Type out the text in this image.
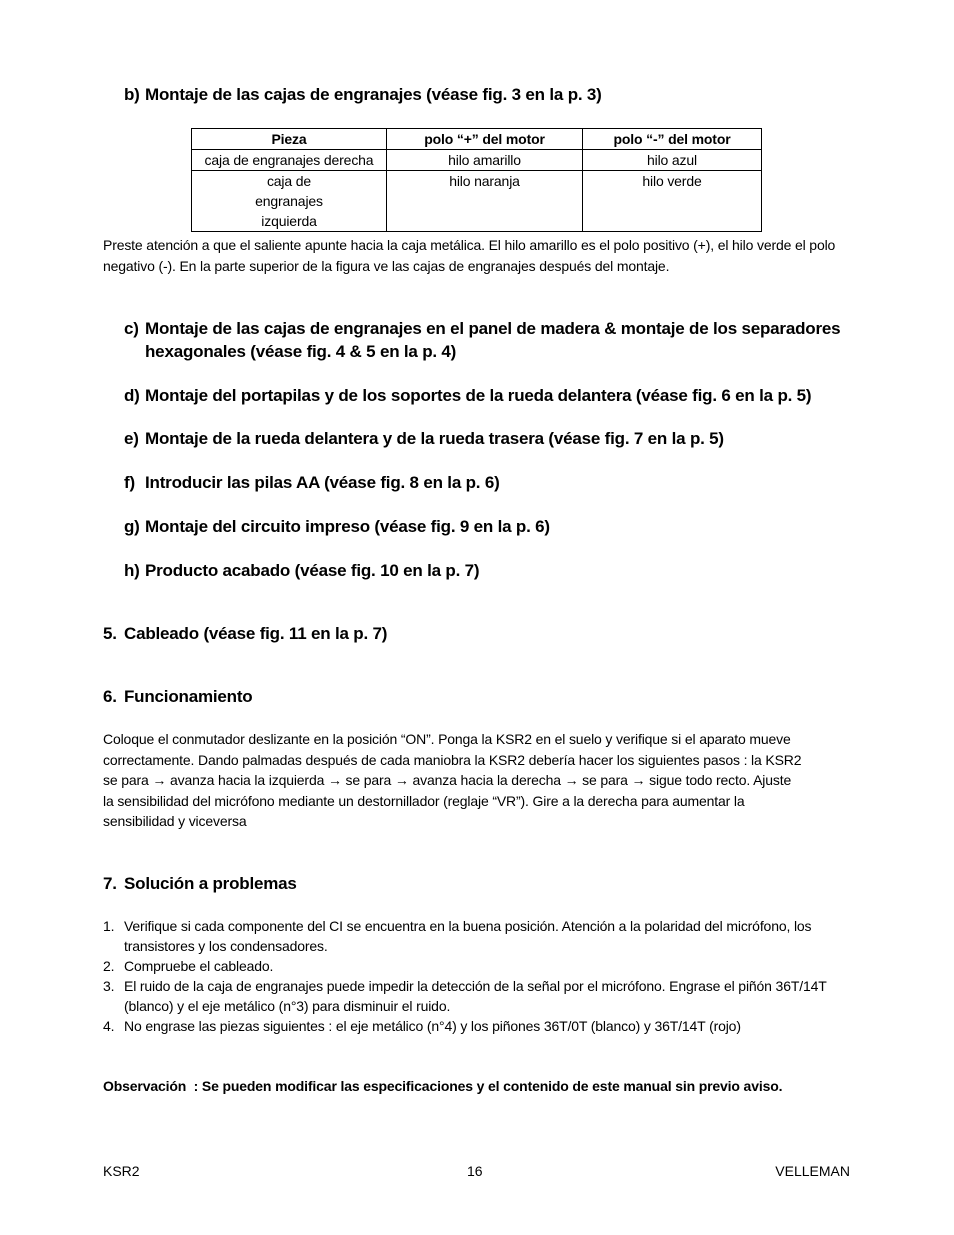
b) Montaje de las cajas de engranajes (véase fig. 3 en la p. 3)
Pieza	polo “+” del motor	polo “-” del motor
caja de engranajes derecha	hilo amarillo	hilo azul
caja de engranajes izquierda	hilo naranja	hilo verde
Preste atención a que el saliente apunte hacia la caja metálica. El hilo amarillo es el polo positivo (+), el hilo verde el polo negativo (-). En la parte superior de la figura ve las cajas de engranajes después del montaje.
c) Montaje de las cajas de engranajes en el panel de madera & montaje de los separadores
hexagonales (véase fig. 4 & 5 en la p. 4)
d) Montaje del portapilas y de los soportes de la rueda delantera (véase fig. 6 en la p. 5)
e) Montaje de la rueda delantera y de la rueda trasera (véase fig. 7 en la p. 5)
f) Introducir las pilas AA (véase fig. 8 en la p. 6)
g) Montaje del circuito impreso (véase fig. 9 en la p. 6)
h) Producto acabado (véase fig. 10 en la p. 7)
5. Cableado (véase fig. 11 en la p. 7)
6. Funcionamiento
Coloque el conmutador deslizante en la posición “ON”. Ponga la KSR2 en el suelo y verifique si el aparato mueve
correctamente. Dando palmadas después de cada maniobra la KSR2 debería hacer los siguientes pasos : la KSR2
se para → avanza hacia la izquierda → se para → avanza hacia la derecha → se para → sigue todo recto. Ajuste
la sensibilidad del micrófono mediante un destornillador (reglaje “VR”). Gire a la derecha para aumentar la
sensibilidad y viceversa
7. Solución a problemas
1. Verifique si cada componente del CI se encuentra en la buena posición. Atención a la polaridad del micrófono, los transistores y los condensadores.
2. Compruebe el cableado.
3. El ruido de la caja de engranajes puede impedir la detección de la señal por el micrófono. Engrase el piñón 36T/14T (blanco) y el eje metálico (n°3) para disminuir el ruido.
4. No engrase las piezas siguientes : el eje metálico (n°4) y los piñones 36T/0T (blanco) y 36T/14T (rojo)
Observación  : Se pueden modificar las especificaciones y el contenido de este manual sin previo aviso.
KSR2	16	VELLEMAN
